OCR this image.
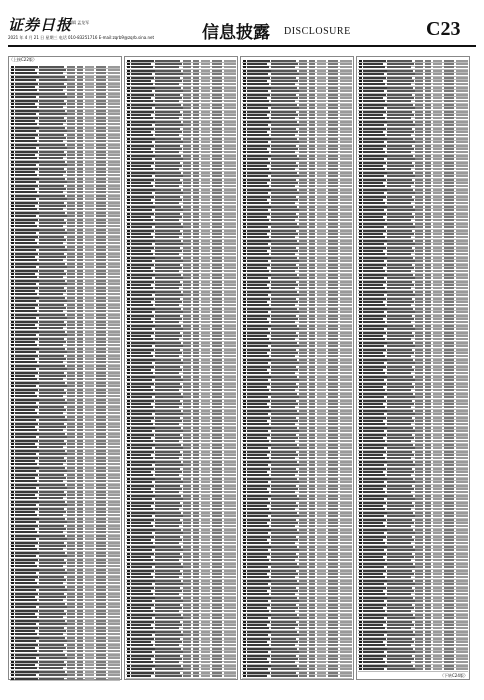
证券日报
编辑 孟龙军
2021 年 4 月 21 日 星期三 电话 010-83251716 E-mail:zqrb9@zqrb.sina.net	信息披露 DISCLOSURE	C23
（上接C22版）
（下转C24版）
